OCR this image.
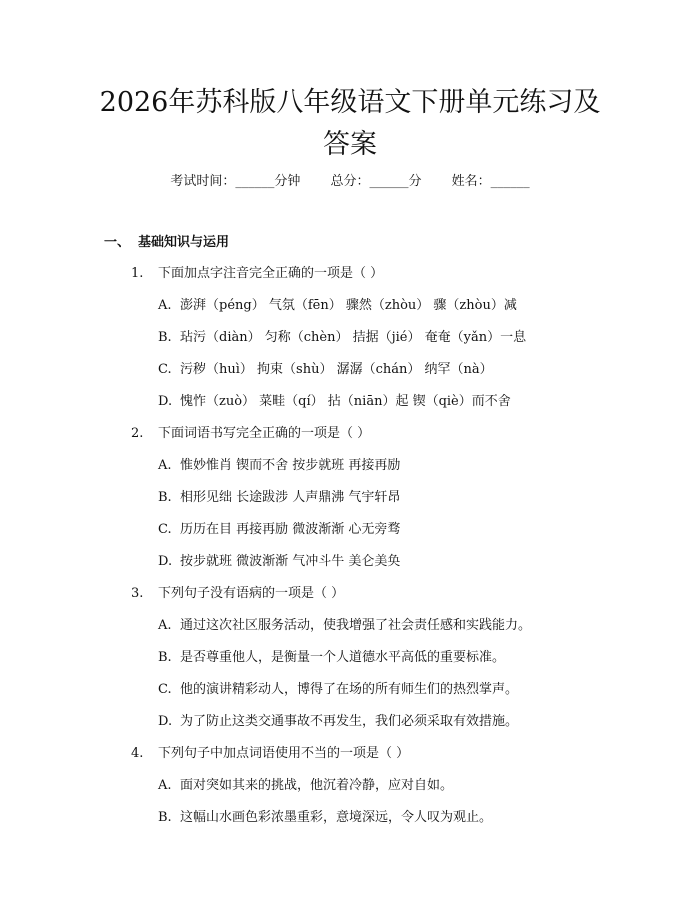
2026年苏科版八年级语文下册单元练习及答案
考试时间：______分钟 总分：______分 姓名：______
一、 基础知识与运用
1. 下面加点字注音完全正确的一项是（ ）
A. 澎湃（péng） 气氛（fēn） 骤然（zhòu） 骤（zhòu）减
B. 玷污（diàn） 匀称（chèn） 拮据（jié） 奄奄（yǎn）一息
C. 污秽（huì） 拘束（shù） 潺潺（chán） 纳罕（nà）
D. 愧怍（zuò） 菜畦（qí） 拈（niān）起 锲（qiè）而不舍
2. 下面词语书写完全正确的一项是（ ）
A. 惟妙惟肖 锲而不舍 按步就班 再接再励
B. 相形见绌 长途跋涉 人声鼎沸 气宇轩昂
C. 历历在目 再接再励 微波渐渐 心无旁骛
D. 按步就班 微波渐渐 气冲斗牛 美仑美奂
3. 下列句子没有语病的一项是（ ）
A. 通过这次社区服务活动，使我增强了社会责任感和实践能力。
B. 是否尊重他人，是衡量一个人道德水平高低的重要标准。
C. 他的演讲精彩动人，博得了在场的所有师生们的热烈掌声。
D. 为了防止这类交通事故不再发生，我们必须采取有效措施。
4. 下列句子中加点词语使用不当的一项是（ ）
A. 面对突如其来的挑战，他沉着冷静，应对自如。
B. 这幅山水画色彩浓墨重彩，意境深远，令人叹为观止。
